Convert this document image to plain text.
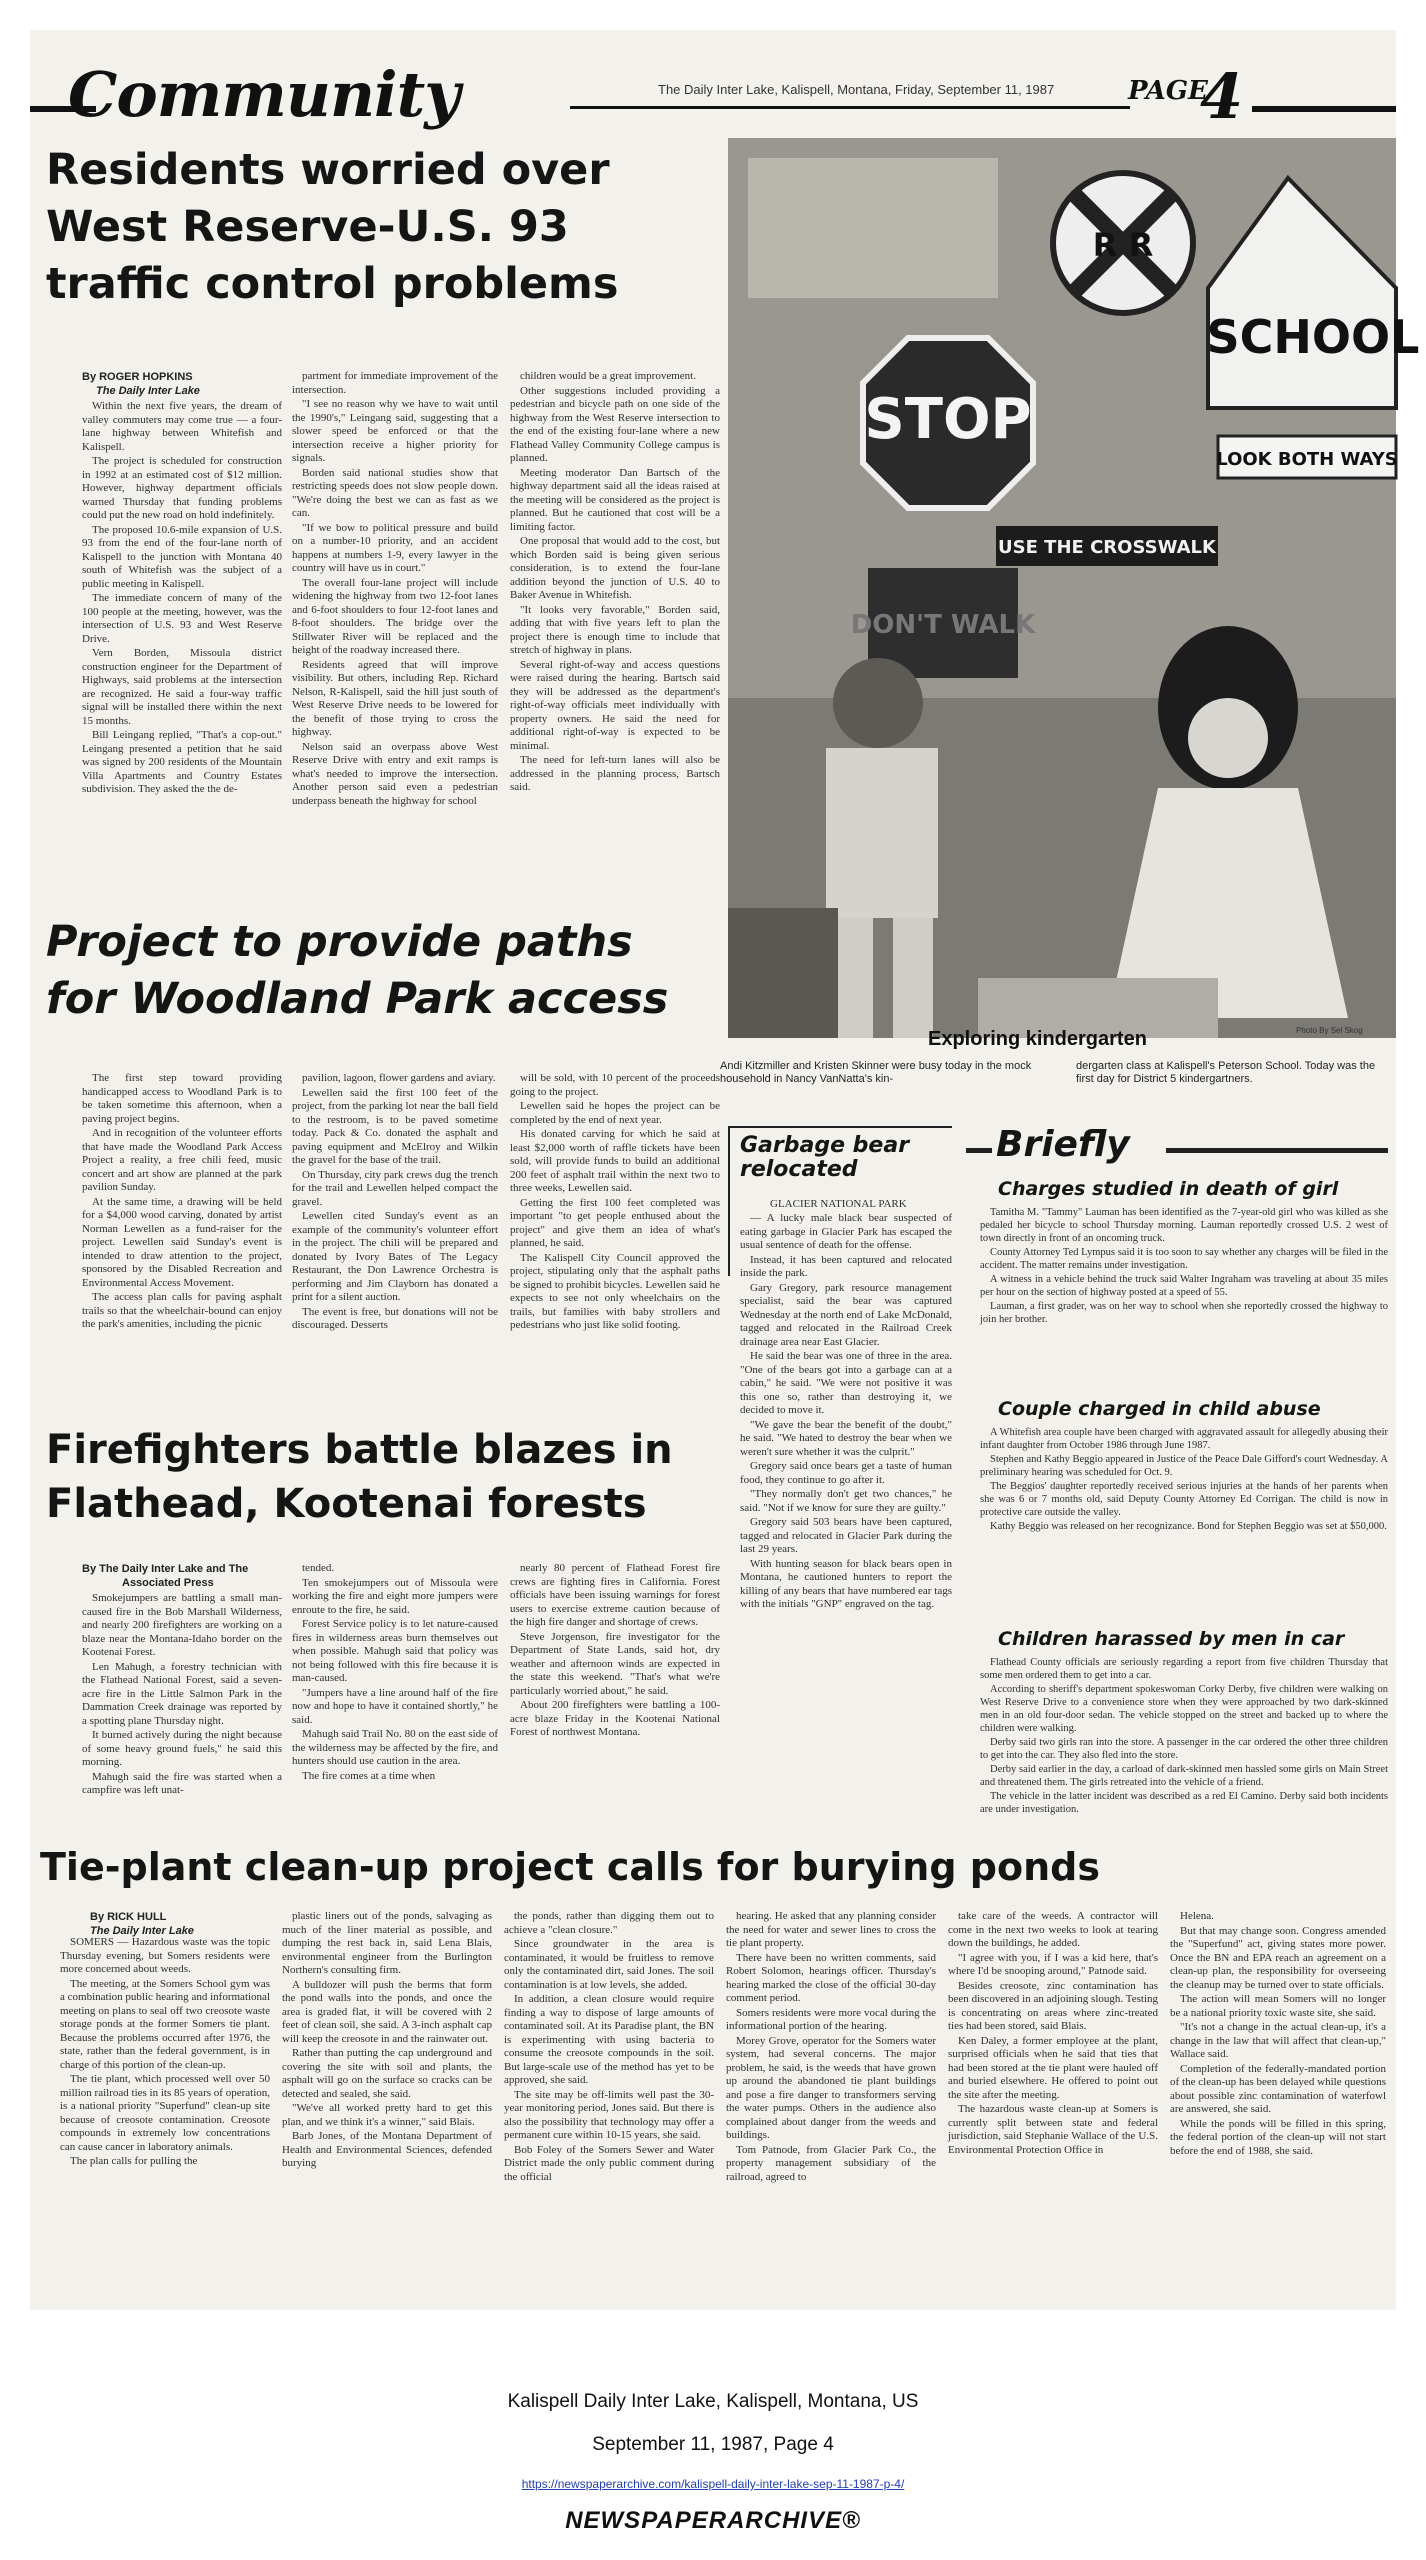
Community	The Daily Inter Lake, Kalispell, Montana, Friday, September 11, 1987	PAGE
4
Residents worried over
West Reserve-U.S. 93
traffic control problems
By ROGER HOPKINS
The Daily Inter Lake

Within the next five years, the dream of valley commuters may come true — a four-lane highway between Whitefish and Kalispell.

The project is scheduled for construction in 1992 at an estimated cost of $12 million. However, highway department officials warned Thursday that funding problems could put the new road on hold indefinitely.

The proposed 10.6-mile expansion of U.S. 93 from the end of the four-lane north of Kalispell to the junction with Montana 40 south of Whitefish was the subject of a public meeting in Kalispell.

The immediate concern of many of the 100 people at the meeting, however, was the intersection of U.S. 93 and West Reserve Drive.

Vern Borden, Missoula district construction engineer for the Department of Highways, said problems at the intersection are recognized. He said a four-way traffic signal will be installed there within the next 15 months.

Bill Leingang replied, "That's a cop-out." Leingang presented a petition that he said was signed by 200 residents of the Mountain Villa Apartments and Country Estates subdivision. They asked the the de-

partment for immediate improvement of the intersection.

"I see no reason why we have to wait until the 1990's," Leingang said, suggesting that a slower speed be enforced or that the intersection receive a higher priority for signals.

Borden said national studies show that restricting speeds does not slow people down. "We're doing the best we can as fast as we can.

"If we bow to political pressure and build on a number-10 priority, and an accident happens at numbers 1-9, every lawyer in the country will have us in court."

The overall four-lane project will include widening the highway from two 12-foot lanes and 6-foot shoulders to four 12-foot lanes and 8-foot shoulders. The bridge over the Stillwater River will be replaced and the height of the roadway increased there.

Residents agreed that will improve visibility. But others, including Rep. Richard Nelson, R-Kalispell, said the hill just south of West Reserve Drive needs to be lowered for the benefit of those trying to cross the highway.

Nelson said an overpass above West Reserve Drive with entry and exit ramps is what's needed to improve the intersection. Another person said even a pedestrian underpass beneath the highway for school

children would be a great improvement.

Other suggestions included providing a pedestrian and bicycle path on one side of the highway from the West Reserve intersection to the end of the existing four-lane where a new Flathead Valley Community College campus is planned.

Meeting moderator Dan Bartsch of the highway department said all the ideas raised at the meeting will be considered as the project is planned. But he cautioned that cost will be a limiting factor.

One proposal that would add to the cost, but which Borden said is being given serious consideration, is to extend the four-lane addition beyond the junction of U.S. 40 to Baker Avenue in Whitefish.

"It looks very favorable," Borden said, adding that with five years left to plan the project there is enough time to include that stretch of highway in plans.

Several right-of-way and access questions were raised during the hearing. Bartsch said they will be addressed as the department's right-of-way officials meet individually with property owners. He said the need for additional right-of-way is expected to be minimal.

The need for left-turn lanes will also be addressed in the planning process, Bartsch said.

STOP
R R
SCHOOL
LOOK BOTH WAYS
USE THE CROSSWALK
DON'T WALK
Exploring kindergarten	Photo By Sel Skog
Andi Kitzmiller and Kristen Skinner were busy today in the mock household in Nancy VanNatta's kin-
dergarten class at Kalispell's Peterson School. Today was the first day for District 5 kindergartners.
Project to provide paths
for Woodland Park access

The first step toward providing handicapped access to Woodland Park is to be taken sometime this afternoon, when a paving project begins.

And in recognition of the volunteer efforts that have made the Woodland Park Access Project a reality, a free chili feed, music concert and art show are planned at the park pavilion Sunday.

At the same time, a drawing will be held for a $4,000 wood carving, donated by artist Norman Lewellen as a fund-raiser for the project. Lewellen said Sunday's event is intended to draw attention to the project, sponsored by the Disabled Recreation and Environmental Access Movement.

The access plan calls for paving asphalt trails so that the wheelchair-bound can enjoy the park's amenities, including the picnic

pavilion, lagoon, flower gardens and aviary.

Lewellen said the first 100 feet of the project, from the parking lot near the ball field to the restroom, is to be paved sometime today. Pack & Co. donated the asphalt and paving equipment and McElroy and Wilkin the gravel for the base of the trail.

On Thursday, city park crews dug the trench for the trail and Lewellen helped compact the gravel.

Lewellen cited Sunday's event as an example of the community's volunteer effort in the project. The chili will be prepared and donated by Ivory Bates of The Legacy Restaurant, the Don Lawrence Orchestra is performing and Jim Clayborn has donated a print for a silent auction.

The event is free, but donations will not be discouraged. Desserts

will be sold, with 10 percent of the proceeds going to the project.

Lewellen said he hopes the project can be completed by the end of next year.

His donated carving for which he said at least $2,000 worth of raffle tickets have been sold, will provide funds to build an additional 200 feet of asphalt trail within the next two to three weeks, Lewellen said.

Getting the first 100 feet completed was important "to get people enthused about the project" and give them an idea of what's planned, he said.

The Kalispell City Council approved the project, stipulating only that the asphalt paths be signed to prohibit bicycles. Lewellen said he expects to see not only wheelchairs on the trails, but families with baby strollers and pedestrians who just like solid footing.

Garbage bear
relocated
GLACIER NATIONAL PARK

— A lucky male black bear suspected of eating garbage in Glacier Park has escaped the usual sentence of death for the offense.

Instead, it has been captured and relocated inside the park.

Gary Gregory, park resource management specialist, said the bear was captured Wednesday at the north end of Lake McDonald, tagged and relocated in the Railroad Creek drainage area near East Glacier.

He said the bear was one of three in the area. "One of the bears got into a garbage can at a cabin," he said. "We were not positive it was this one so, rather than destroying it, we decided to move it.

"We gave the bear the benefit of the doubt," he said. "We hated to destroy the bear when we weren't sure whether it was the culprit."

Gregory said once bears get a taste of human food, they continue to go after it.

"They normally don't get two chances," he said. "Not if we know for sure they are guilty."

Gregory said 503 bears have been captured, tagged and relocated in Glacier Park during the last 29 years.

With hunting season for black bears open in Montana, he cautioned hunters to report the killing of any bears that have numbered ear tags with the initials "GNP" engraved on the tag.

Briefly
Charges studied in death of girl

Tamitha M. "Tammy" Lauman has been identified as the 7-year-old girl who was killed as she pedaled her bicycle to school Thursday morning. Lauman reportedly crossed U.S. 2 west of town directly in front of an oncoming truck.

County Attorney Ted Lympus said it is too soon to say whether any charges will be filed in the accident. The matter remains under investigation.

A witness in a vehicle behind the truck said Walter Ingraham was traveling at about 35 miles per hour on the section of highway posted at a speed of 55.

Lauman, a first grader, was on her way to school when she reportedly crossed the highway to join her brother.

Couple charged in child abuse

A Whitefish area couple have been charged with aggravated assault for allegedly abusing their infant daughter from October 1986 through June 1987.

Stephen and Kathy Beggio appeared in Justice of the Peace Dale Gifford's court Wednesday. A preliminary hearing was scheduled for Oct. 9.

The Beggios' daughter reportedly received serious injuries at the hands of her parents when she was 6 or 7 months old, said Deputy County Attorney Ed Corrigan. The child is now in protective care outside the valley.

Kathy Beggio was released on her recognizance. Bond for Stephen Beggio was set at $50,000.

Children harassed by men in car

Flathead County officials are seriously regarding a report from five children Thursday that some men ordered them to get into a car.

According to sheriff's department spokeswoman Corky Derby, five children were walking on West Reserve Drive to a convenience store when they were approached by two dark-skinned men in an old four-door sedan. The vehicle stopped on the street and backed up to where the children were walking.

Derby said two girls ran into the store. A passenger in the car ordered the other three children to get into the car. They also fled into the store.

Derby said earlier in the day, a carload of dark-skinned men hassled some girls on Main Street and threatened them. The girls retreated into the vehicle of a friend.

The vehicle in the latter incident was described as a red El Camino. Derby said both incidents are under investigation.

Firefighters battle blazes in
Flathead, Kootenai forests
By The Daily Inter Lake and The
Associated Press

Smokejumpers are battling a small man-caused fire in the Bob Marshall Wilderness, and nearly 200 firefighters are working on a blaze near the Montana-Idaho border on the Kootenai Forest.

Len Mahugh, a forestry technician with the Flathead National Forest, said a seven-acre fire in the Little Salmon Park in the Dammation Creek drainage was reported by a spotting plane Thursday night.

It burned actively during the night because of some heavy ground fuels," he said this morning.

Mahugh said the fire was started when a campfire was left unat-

tended.

Ten smokejumpers out of Missoula were working the fire and eight more jumpers were enroute to the fire, he said.

Forest Service policy is to let nature-caused fires in wilderness areas burn themselves out when possible. Mahugh said that policy was not being followed with this fire because it is man-caused.

"Jumpers have a line around half of the fire now and hope to have it contained shortly," he said.

Mahugh said Trail No. 80 on the east side of the wilderness may be affected by the fire, and hunters should use caution in the area.

The fire comes at a time when

nearly 80 percent of Flathead Forest fire crews are fighting fires in California. Forest officials have been issuing warnings for forest users to exercise extreme caution because of the high fire danger and shortage of crews.

Steve Jorgenson, fire investigator for the Department of State Lands, said hot, dry weather and afternoon winds are expected in the state this weekend. "That's what we're particularly worried about," he said.

About 200 firefighters were battling a 100-acre blaze Friday in the Kootenai National Forest of northwest Montana.

Tie-plant clean-up project calls for burying ponds
By RICK HULL
The Daily Inter Lake

SOMERS — Hazardous waste was the topic Thursday evening, but Somers residents were more concerned about weeds.

The meeting, at the Somers School gym was a combination public hearing and informational meeting on plans to seal off two creosote waste storage ponds at the former Somers tie plant. Because the problems occurred after 1976, the state, rather than the federal government, is in charge of this portion of the clean-up.

The tie plant, which processed well over 50 million railroad ties in its 85 years of operation, is a national priority "Superfund" clean-up site because of creosote contamination. Creosote compounds in extremely low concentrations can cause cancer in laboratory animals.

The plan calls for pulling the

plastic liners out of the ponds, salvaging as much of the liner material as possible, and dumping the rest back in, said Lena Blais, environmental engineer from the Burlington Northern's consulting firm.

A bulldozer will push the berms that form the pond walls into the ponds, and once the area is graded flat, it will be covered with 2 feet of clean soil, she said. A 3-inch asphalt cap will keep the creosote in and the rainwater out.

Rather than putting the cap underground and covering the site with soil and plants, the asphalt will go on the surface so cracks can be detected and sealed, she said.

"We've all worked pretty hard to get this plan, and we think it's a winner," said Blais.

Barb Jones, of the Montana Department of Health and Environmental Sciences, defended burying

the ponds, rather than digging them out to achieve a "clean closure."

Since groundwater in the area is contaminated, it would be fruitless to remove only the contaminated dirt, said Jones. The soil contamination is at low levels, she added.

In addition, a clean closure would require finding a way to dispose of large amounts of contaminated soil. At its Paradise plant, the BN is experimenting with using bacteria to consume the creosote compounds in the soil. But large-scale use of the method has yet to be approved, she said.

The site may be off-limits well past the 30-year monitoring period, Jones said. But there is also the possibility that technology may offer a permanent cure within 10-15 years, she said.

Bob Foley of the Somers Sewer and Water District made the only public comment during the official

hearing. He asked that any planning consider the need for water and sewer lines to cross the tie plant property.

There have been no written comments, said Robert Solomon, hearings officer. Thursday's hearing marked the close of the official 30-day comment period.

Somers residents were more vocal during the informational portion of the hearing.

Morey Grove, operator for the Somers water system, had several concerns. The major problem, he said, is the weeds that have grown up around the abandoned tie plant buildings and pose a fire danger to transformers serving the water pumps. Others in the audience also complained about danger from the weeds and buildings.

Tom Patnode, from Glacier Park Co., the property management subsidiary of the railroad, agreed to

take care of the weeds. A contractor will come in the next two weeks to look at tearing down the buildings, he added.

"I agree with you, if I was a kid here, that's where I'd be snooping around," Patnode said.

Besides creosote, zinc contamination has been discovered in an adjoining slough. Testing is concentrating on areas where zinc-treated ties had been stored, said Blais.

Ken Daley, a former employee at the plant, surprised officials when he said that ties that had been stored at the tie plant were hauled off and buried elsewhere. He offered to point out the site after the meeting.

The hazardous waste clean-up at Somers is currently split between state and federal jurisdiction, said Stephanie Wallace of the U.S. Environmental Protection Office in

Helena.

But that may change soon. Congress amended the "Superfund" act, giving states more power. Once the BN and EPA reach an agreement on a clean-up plan, the responsibility for overseeing the cleanup may be turned over to state officials.

The action will mean Somers will no longer be a national priority toxic waste site, she said.

"It's not a change in the actual clean-up, it's a change in the law that will affect that clean-up," Wallace said.

Completion of the federally-mandated portion of the clean-up has been delayed while questions about possible zinc contamination of waterfowl are answered, she said.

While the ponds will be filled in this spring, the federal portion of the clean-up will not start before the end of 1988, she said.

Kalispell Daily Inter Lake, Kalispell, Montana, US
September 11, 1987, Page 4
https://newspaperarchive.com/kalispell-daily-inter-lake-sep-11-1987-p-4/
NEWSPAPERARCHIVE®
